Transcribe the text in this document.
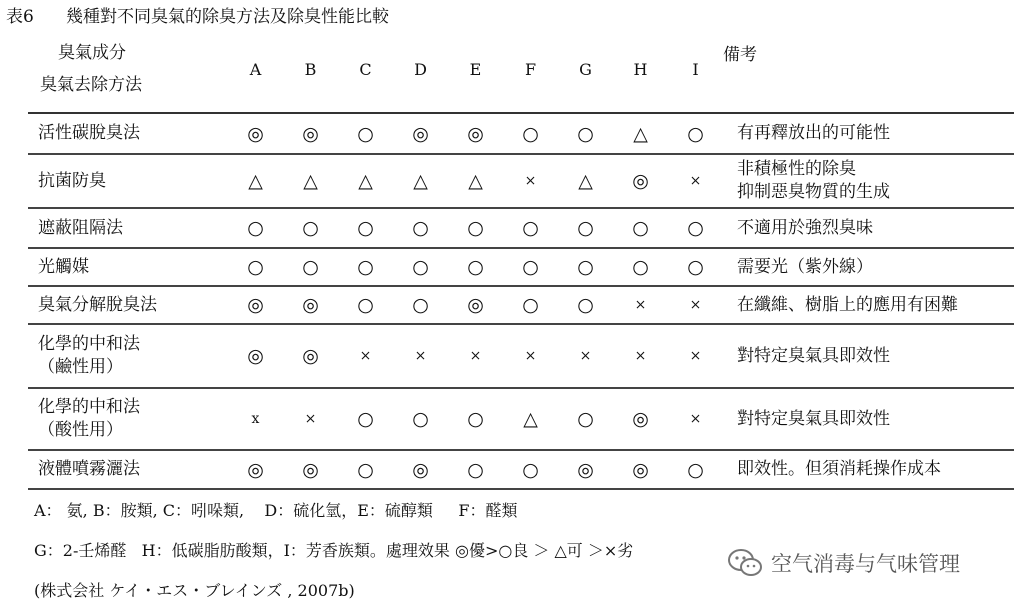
表6 幾種對不同臭氣的除臭方法及除臭性能比較
臭氣成分
臭氣去除方法	A	B	C	D	E	F	G	H	I	備考

活性碳脫臭法	◎	◎	○	◎	◎	○	○	△	○	有再釋放出的可能性

抗菌防臭	△	△	△	△	△	×	△	◎	×	非積極性的除臭
抑制惡臭物質的生成

遮蔽阻隔法	○	○	○	○	○	○	○	○	○	不適用於強烈臭味

光觸媒	○	○	○	○	○	○	○	○	○	需要光（紫外線）

臭氣分解脫臭法	◎	◎	○	○	◎	○	○	×	×	在纖維、樹脂上的應用有困難

化學的中和法
（鹼性用）	◎	◎	×	×	×	×	×	×	×	對特定臭氣具即效性

化學的中和法
（酸性用）	x	×	○	○	○	△	○	◎	×	對特定臭氣具即效性

液體噴霧灑法	◎	◎	○	◎	○	○	◎	◎	○	即效性。但須消耗操作成本
A： 氨, B：胺類, C：吲哚類,    D：硫化氫，E：硫醇類     F：醛類
G：2-壬烯醛   H：低碳脂肪酸類，I：芳香族類。處理效果 ◎優>○良 ＞ △可 ＞×劣
(株式会社 ケイ・エス・ブレインズ , 2007b)
空气消毒与气味管理
